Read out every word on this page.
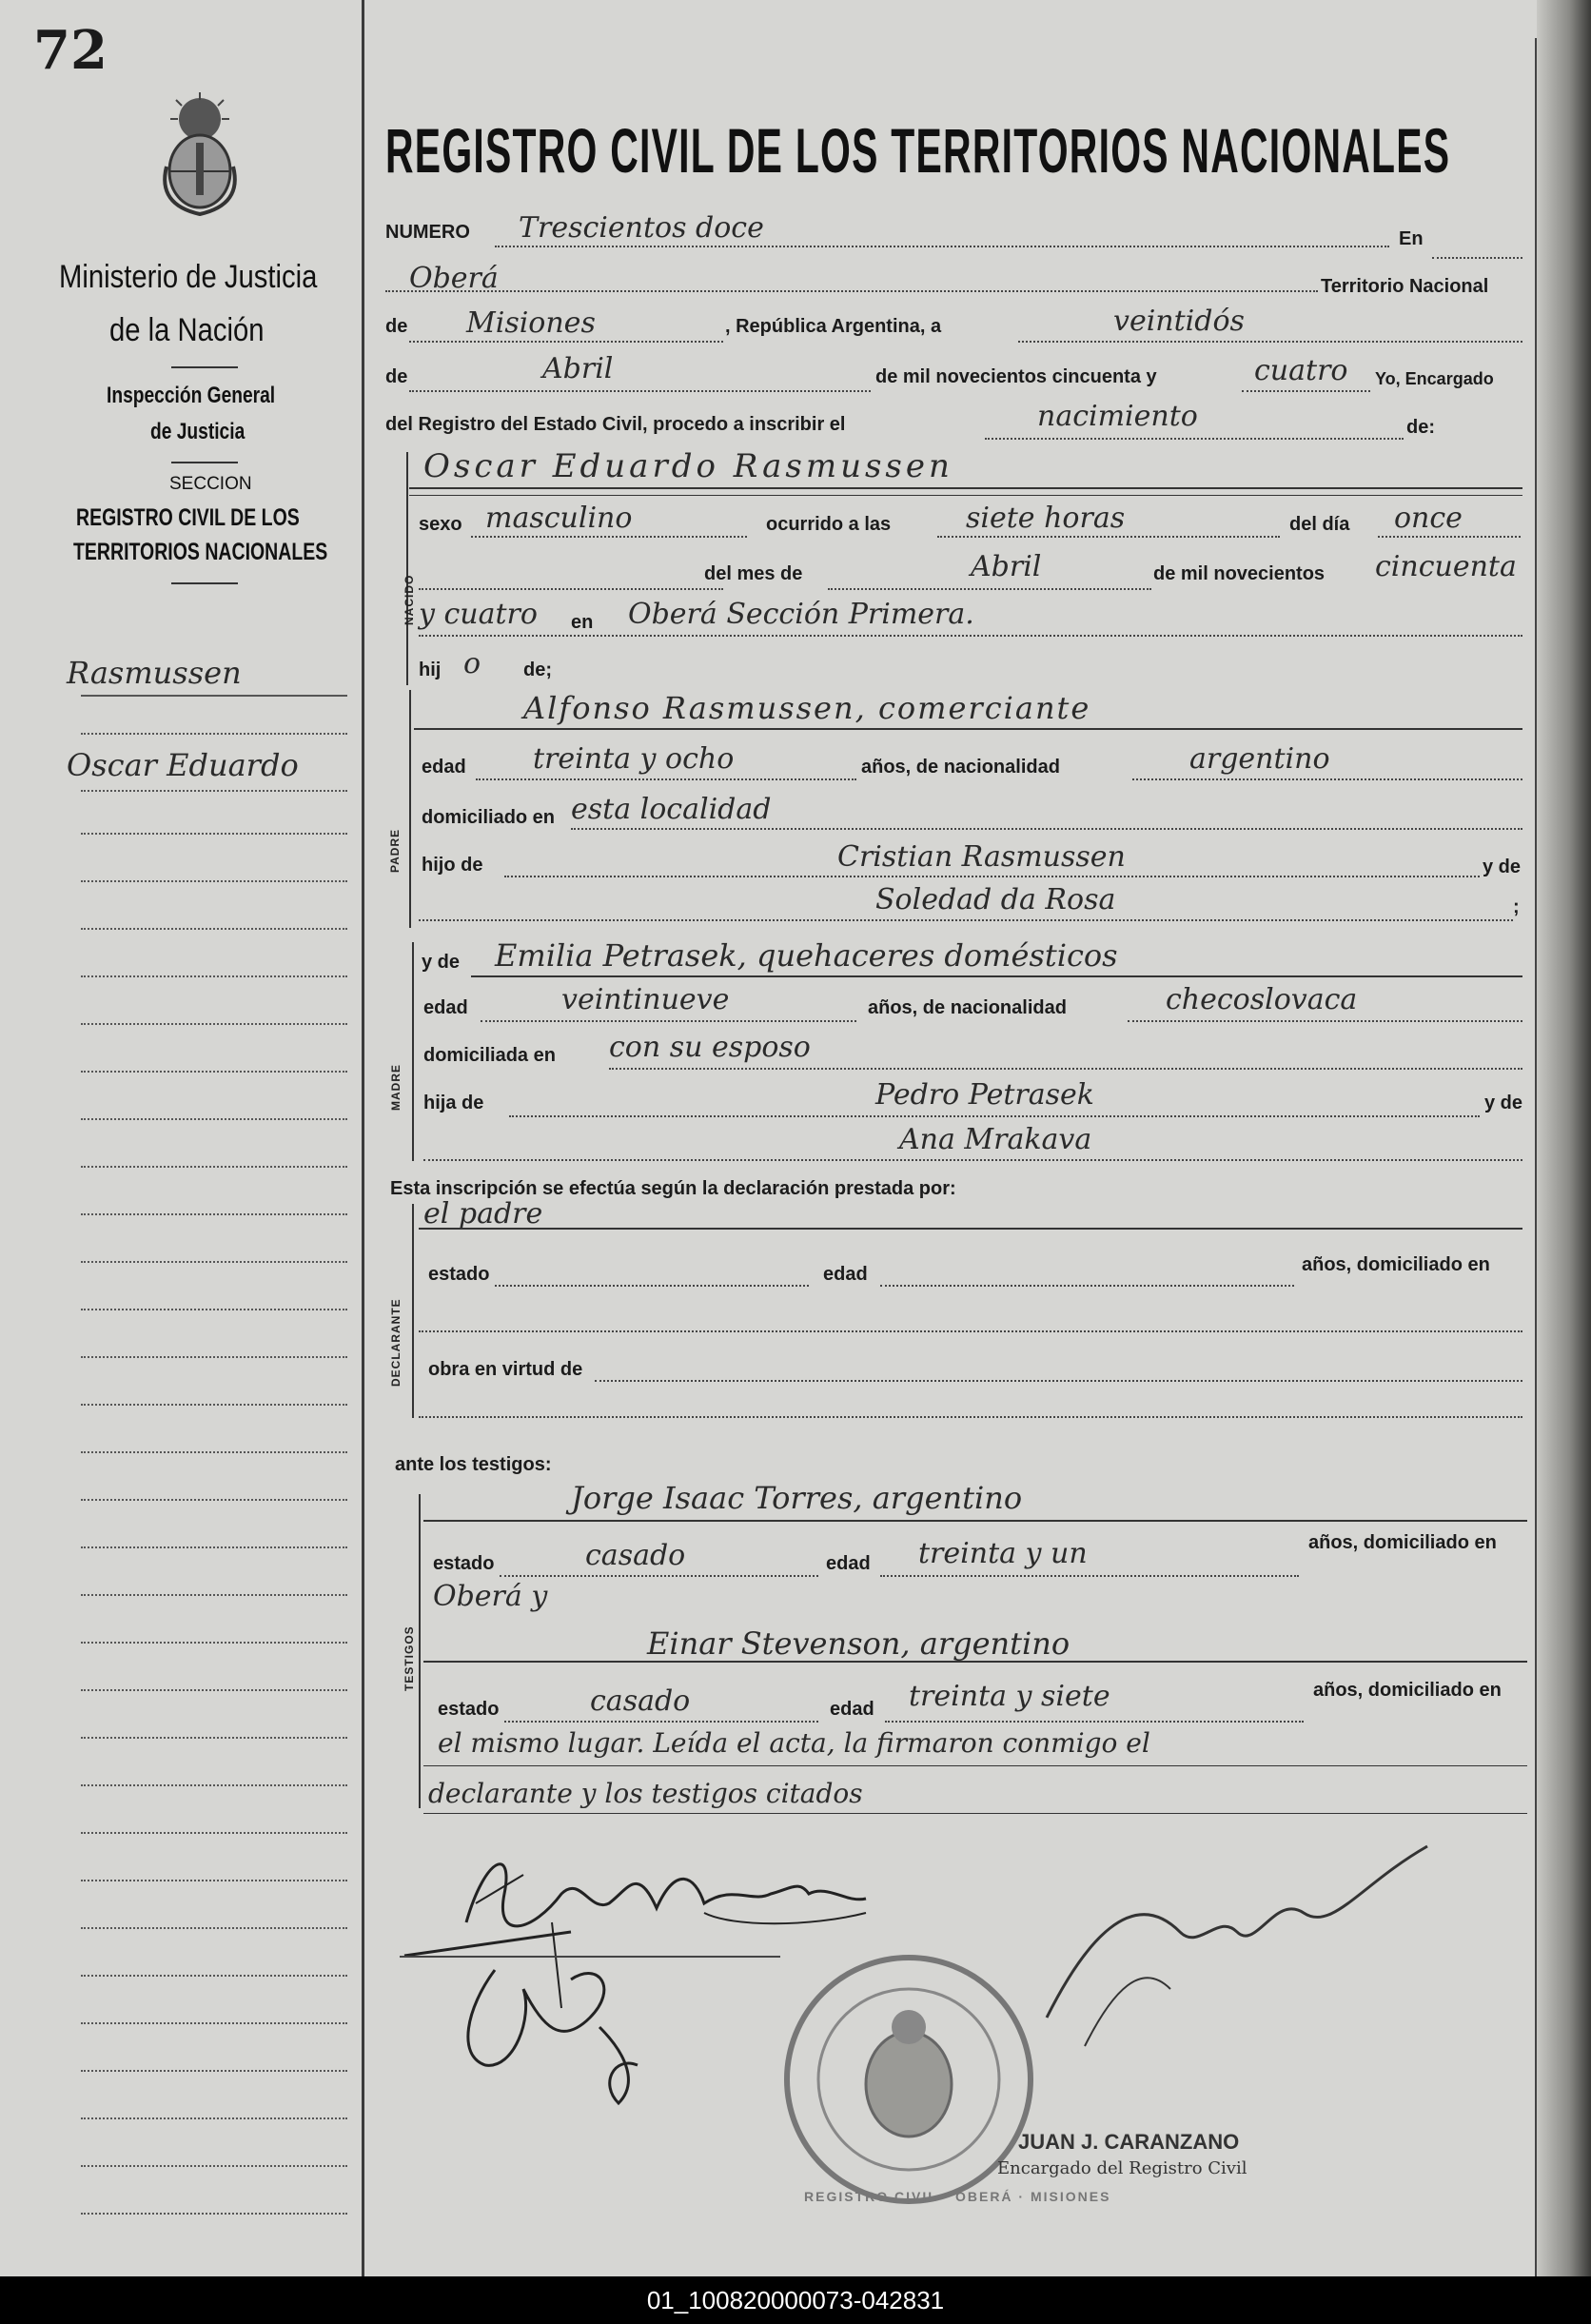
72
Ministerio de Justicia
de la Nación
Inspección General
de Justicia
SECCION
REGISTRO CIVIL DE LOS
TERRITORIOS NACIONALES
Rasmussen
Oscar Eduardo
REGISTRO CIVIL DE LOS TERRITORIOS NACIONALES
NUMERO Trescientos doce	En
Oberá	Territorio Nacional
de Misiones	, República Argentina, a	veintidós
de	Abril	de mil novecientos cincuenta y	cuatro Yo, Encargado
del Registro del Estado Civil, procedo a inscribir el	nacimiento	de:
NACIDO
Oscar Eduardo Rasmussen
sexo masculino	ocurrido a las	siete horas	del día once
del mes de	Abril	de mil novecientos cincuenta
y cuatro en Oberá Sección Primera.
hij o de;
PADRE
Alfonso Rasmussen, comerciante
edad treinta y ocho	años, de nacionalidad	argentino
domiciliado en esta localidad
hijo de	Cristian Rasmussen	y de
Soledad da Rosa	;
MADRE
y de Emilia Petrasek, quehaceres domésticos
edad	veintinueve	años, de nacionalidad	checoslovaca
domiciliada en con su esposo
hija de	Pedro Petrasek	y de
Ana Mrakava
Esta inscripción se efectúa según la declaración prestada por:
DECLARANTE
el padre
estado	edad	años, domiciliado en
obra en virtud de
ante los testigos:
TESTIGOS
Jorge Isaac Torres, argentino
estado	casado	edad treinta y un	años, domiciliado en
Oberá y
Einar Stevenson, argentino
estado	casado	edad treinta y siete	años, domiciliado en
el mismo lugar. Leída el acta, la firmaron conmigo el
declarante y los testigos citados
REGISTRO CIVIL · OBERÁ · MISIONES
JUAN J. CARANZANO
Encargado del Registro Civil
01_100820000073-042831
